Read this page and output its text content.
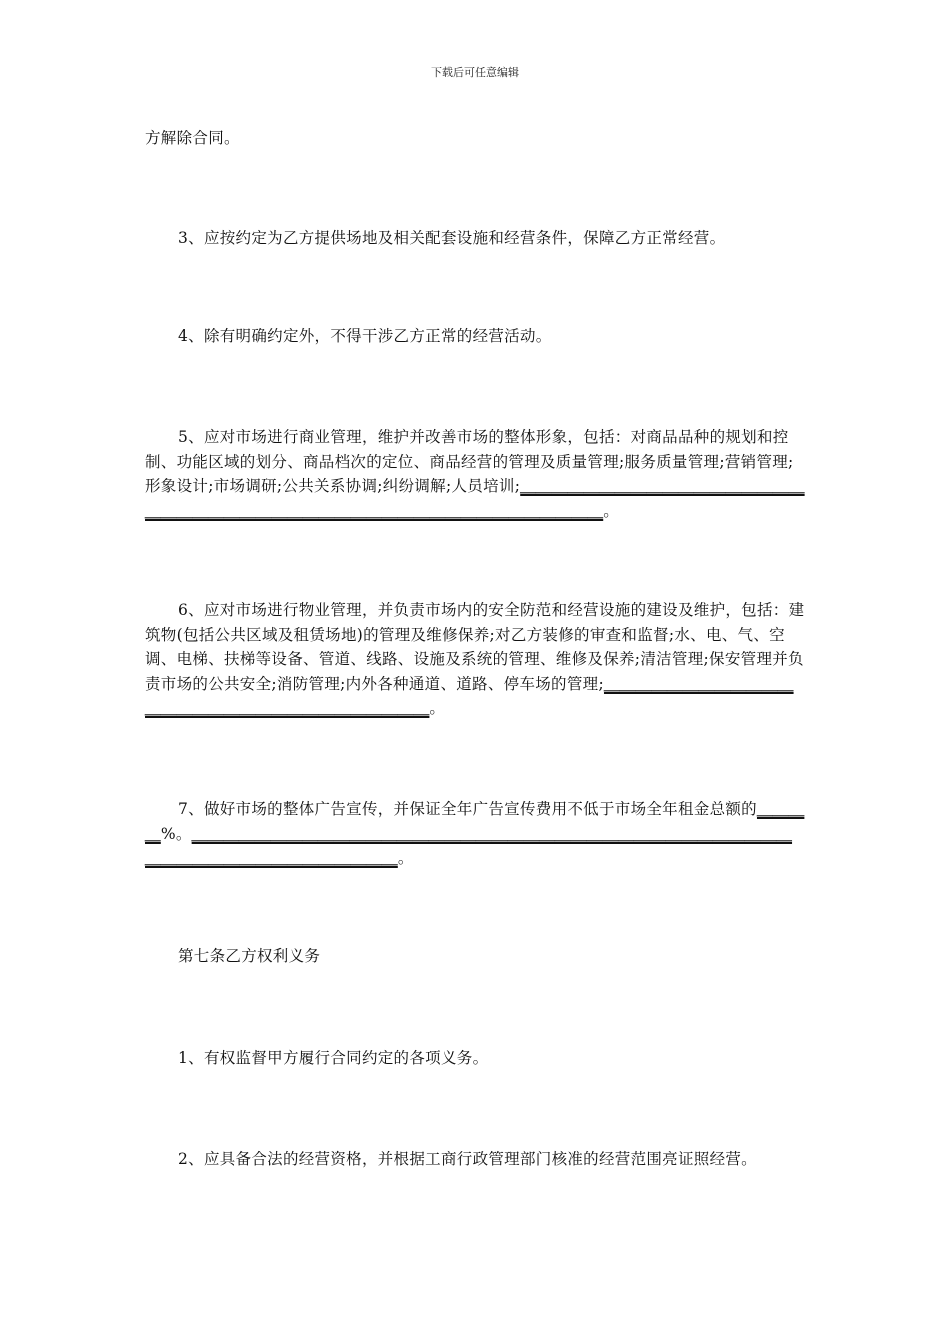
下载后可任意编辑
方解除合同。
3、应按约定为乙方提供场地及相关配套设施和经营条件，保障乙方正常经营。
4、除有明确约定外，不得干涉乙方正常的经营活动。
5、应对市场进行商业管理，维护并改善市场的整体形象，包括：对商品品种的规划和控制、功能区域的划分、商品档次的定位、商品经营的管理及质量管理;服务质量管理;营销管理;形象设计;市场调研;公共关系协调;纠纷调解;人员培训;＿＿＿＿＿＿＿＿＿＿＿＿＿＿＿＿＿＿＿＿＿＿＿＿＿＿＿＿＿＿＿＿＿＿＿＿＿＿＿＿＿＿＿＿＿＿＿。
6、应对市场进行物业管理，并负责市场内的安全防范和经营设施的建设及维护，包括：建筑物(包括公共区域及租赁场地)的管理及维修保养;对乙方装修的审查和监督;水、电、气、空调、电梯、扶梯等设备、管道、线路、设施及系统的管理、维修及保养;清洁管理;保安管理并负责市场的公共安全;消防管理;内外各种通道、道路、停车场的管理;＿＿＿＿＿＿＿＿＿＿＿＿＿＿＿＿＿＿＿＿＿＿＿＿＿＿＿＿＿＿。
7、做好市场的整体广告宣传，并保证全年广告宣传费用不低于市场全年租金总额的＿＿＿＿%。＿＿＿＿＿＿＿＿＿＿＿＿＿＿＿＿＿＿＿＿＿＿＿＿＿＿＿＿＿＿＿＿＿＿＿＿＿＿＿＿＿＿＿＿＿＿＿＿＿＿＿＿＿＿。
第七条乙方权利义务
1、有权监督甲方履行合同约定的各项义务。
2、应具备合法的经营资格，并根据工商行政管理部门核准的经营范围亮证照经营。
